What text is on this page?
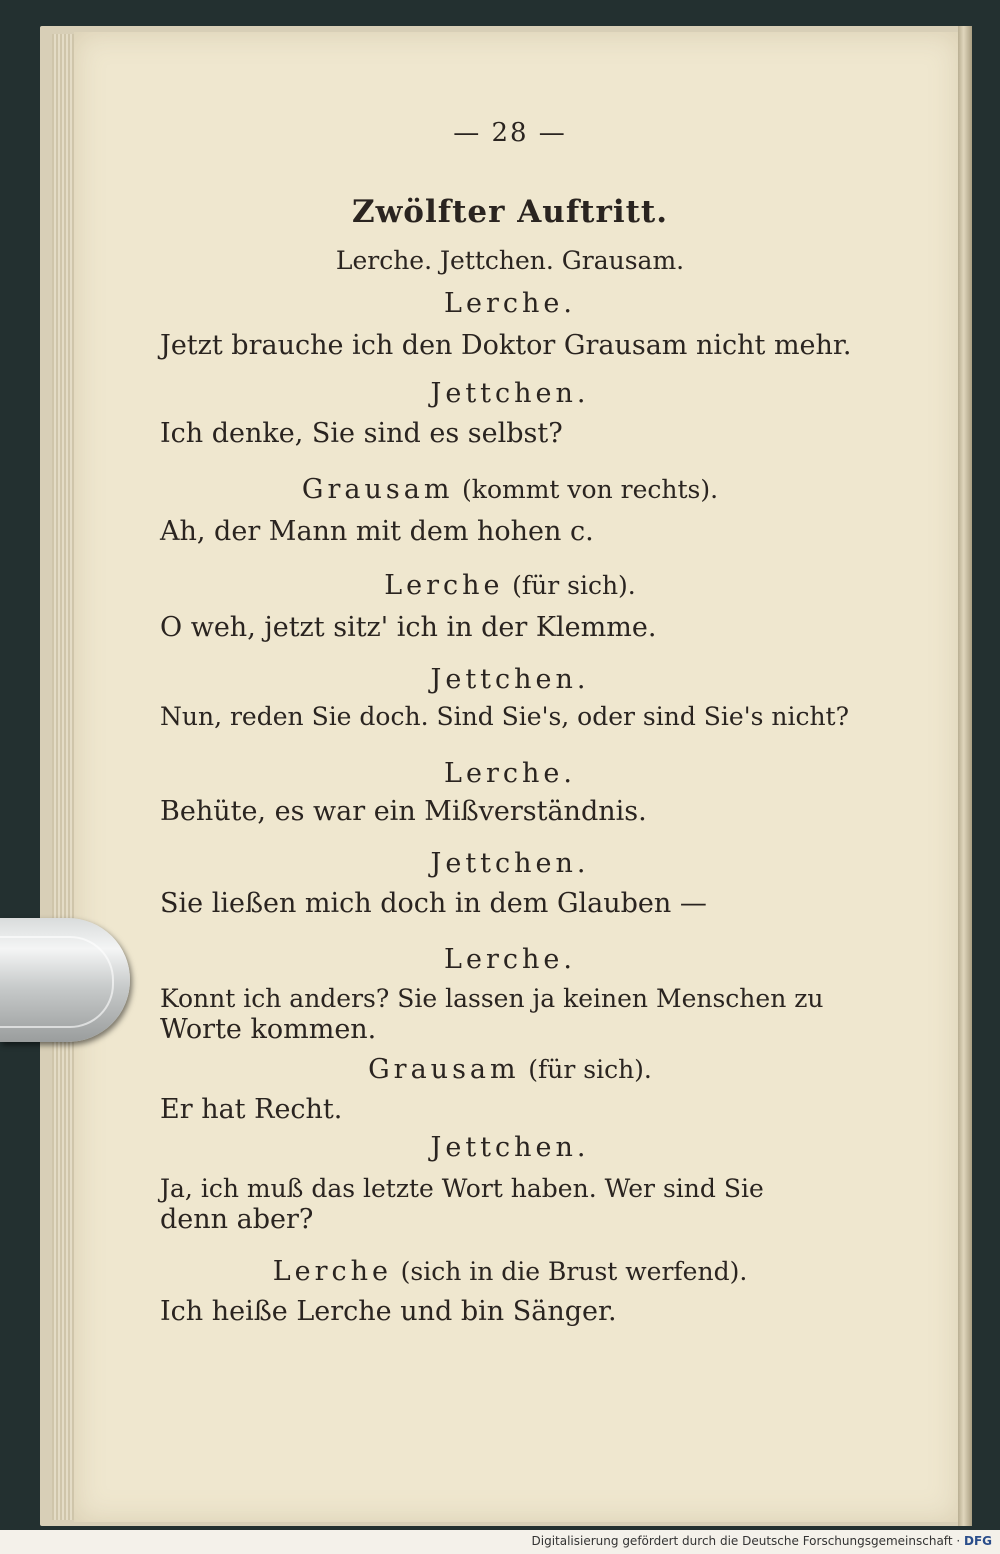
— 28 —
Zwölfter Auftritt.
Lerche. Jettchen. Grausam.
Lerche.
Jetzt brauche ich den Doktor Grausam nicht mehr.
Jettchen.
Ich denke, Sie sind es selbst?
Grausam (kommt von rechts).
Ah, der Mann mit dem hohen c.
Lerche (für sich).
O weh, jetzt sitz' ich in der Klemme.
Jettchen.
Nun, reden Sie doch. Sind Sie's, oder sind Sie's nicht?
Lerche.
Behüte, es war ein Mißverständnis.
Jettchen.
Sie ließen mich doch in dem Glauben —
Lerche.
Konnt ich anders? Sie lassen ja keinen Menschen zu
Worte kommen.
Grausam (für sich).
Er hat Recht.
Jettchen.
Ja, ich muß das letzte Wort haben. Wer sind Sie
denn aber?
Lerche (sich in die Brust werfend).
Ich heiße Lerche und bin Sänger.
Digitalisierung gefördert durch die Deutsche Forschungsgemeinschaft · DFG
